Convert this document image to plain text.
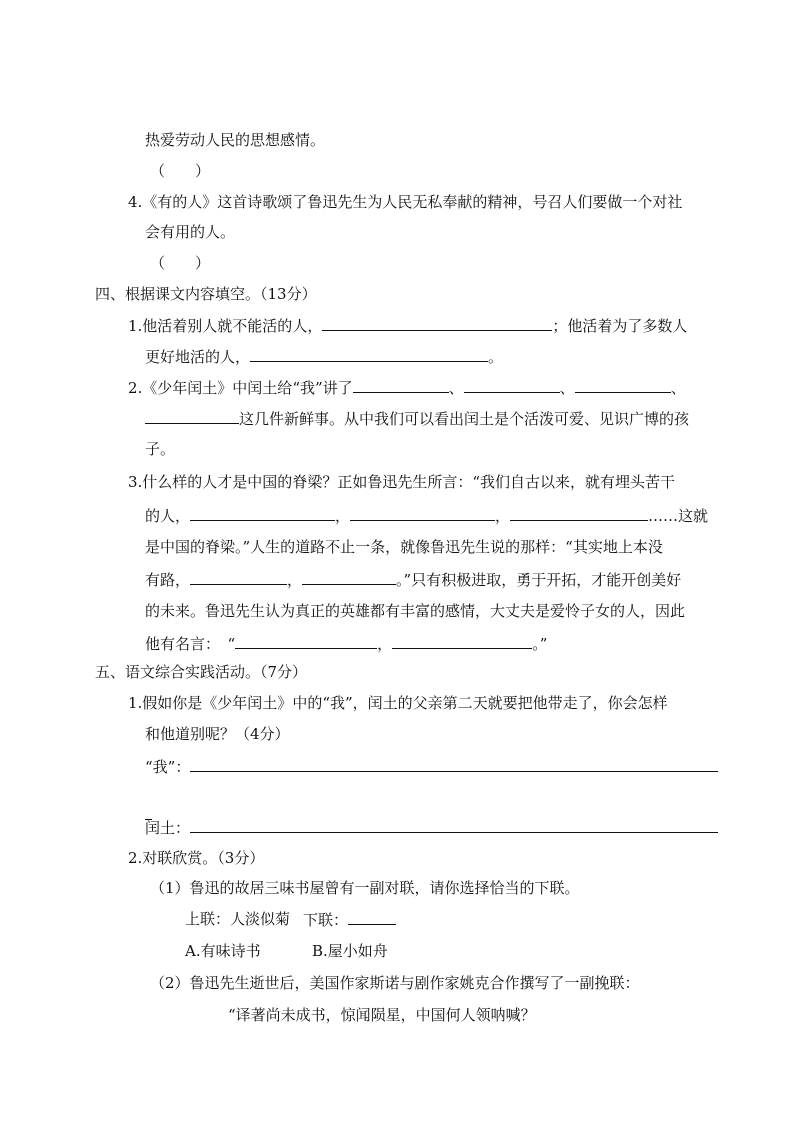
热爱劳动人民的思想感情。
（　　）
4.《有的人》这首诗歌颂了鲁迅先生为人民无私奉献的精神，号召人们要做一个对社
会有用的人。
（　　）
四、根据课文内容填空。（13分）
1.他活着别人就不能活的人，	；他活着为了多数人
更好地活的人，	。
2.《少年闰土》中闰土给“我”讲了	、	、	、
这几件新鲜事。从中我们可以看出闰土是个活泼可爱、见识广博的孩
子。
3.什么样的人才是中国的脊梁？正如鲁迅先生所言：“我们自古以来，就有埋头苦干
的人，	，	，	……这就
是中国的脊梁。”人生的道路不止一条，就像鲁迅先生说的那样：“其实地上本没
有路，	，	。”只有积极进取，勇于开拓，才能开创美好
的未来。鲁迅先生认为真正的英雄都有丰富的感情，大丈夫是爱怜子女的人，因此
他有名言：　“	，	。”
五、语文综合实践活动。（7分）
1.假如你是《少年闰土》中的“我”，闰土的父亲第二天就要把他带走了，你会怎样
和他道别呢？（4分）
“我”：
闰土：
2.对联欣赏。（3分）
（1）鲁迅的故居三味书屋曾有一副对联，请你选择恰当的下联。
上联：人淡似菊 下联：
A.有味诗书	B.屋小如舟
（2）鲁迅先生逝世后，美国作家斯诺与剧作家姚克合作撰写了一副挽联：
“译著尚未成书，惊闻陨星，中国何人领呐喊？
